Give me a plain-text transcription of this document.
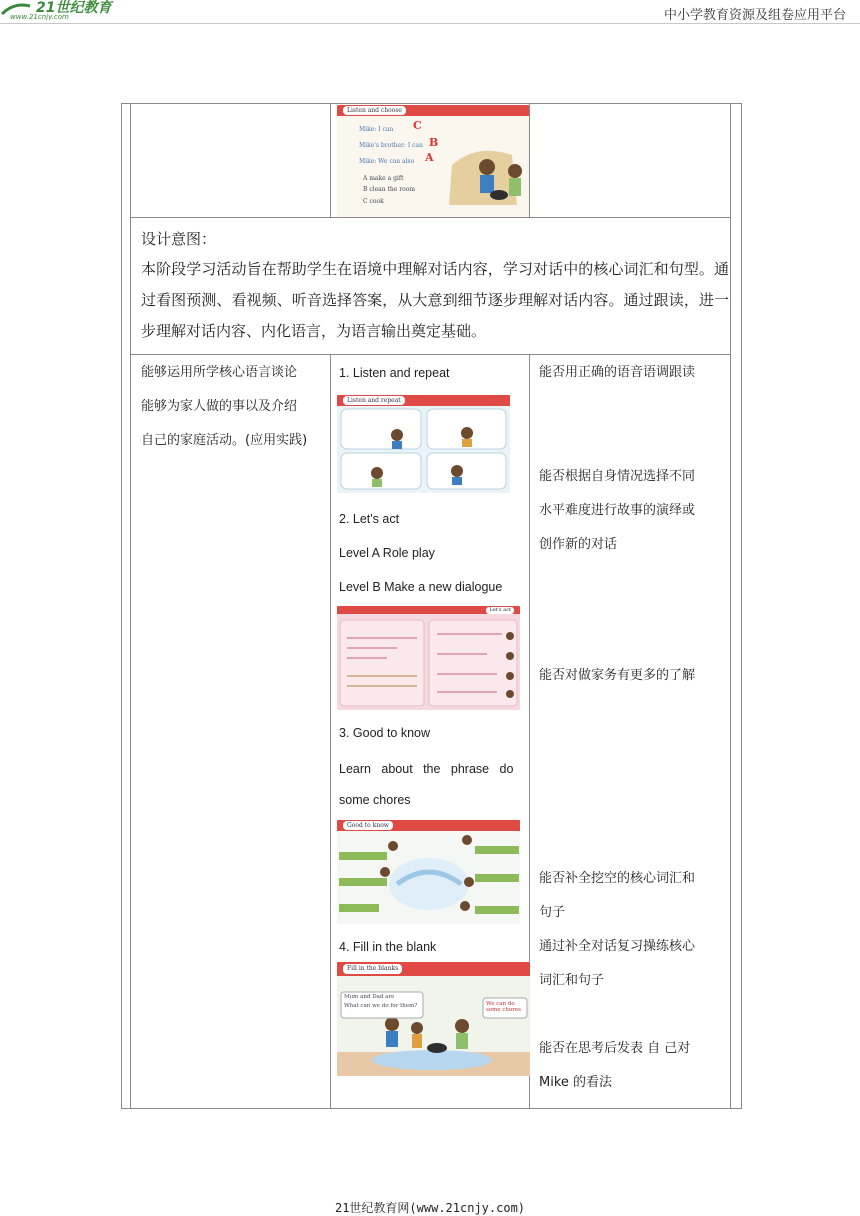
21世纪教育
www.21cnjy.com	中小学教育资源及组卷应用平台
Listen and choose
Mike: I can
Mike's brother: I can
Mike: We can also
C
B
A
A make a gift
B clean the room
C cook
设计意图：
本阶段学习活动旨在帮助学生在语境中理解对话内容，学习对话中的核心词汇和句型。通过看图预测、看视频、听音选择答案，从大意到细节逐步理解对话内容。通过跟读，进一步理解对话内容、内化语言，为语言输出奠定基础。
能够运用所学核心语言谈论
能够为家人做的事以及介绍
自己的家庭活动。(应用实践)
1. Listen and repeat
Listen and repeat
2. Let's act
Level A Role play
Level B Make a new dialogue
Let's act
3. Good to know
Learn   about   the   phrase   do
some chores
Good to know
4. Fill in the blank
Fill in the blanks
Mum and Dad are
What can we do for them?	We can do some chores
能否用正确的语音语调跟读
能否根据自身情况选择不同
水平难度进行故事的演绎或
创作新的对话
能否对做家务有更多的了解
能否补全挖空的核心词汇和
句子
通过补全对话复习操练核心
词汇和句子
能否在思考后发表 自 己对
Mike 的看法
21世纪教育网(www.21cnjy.com)
